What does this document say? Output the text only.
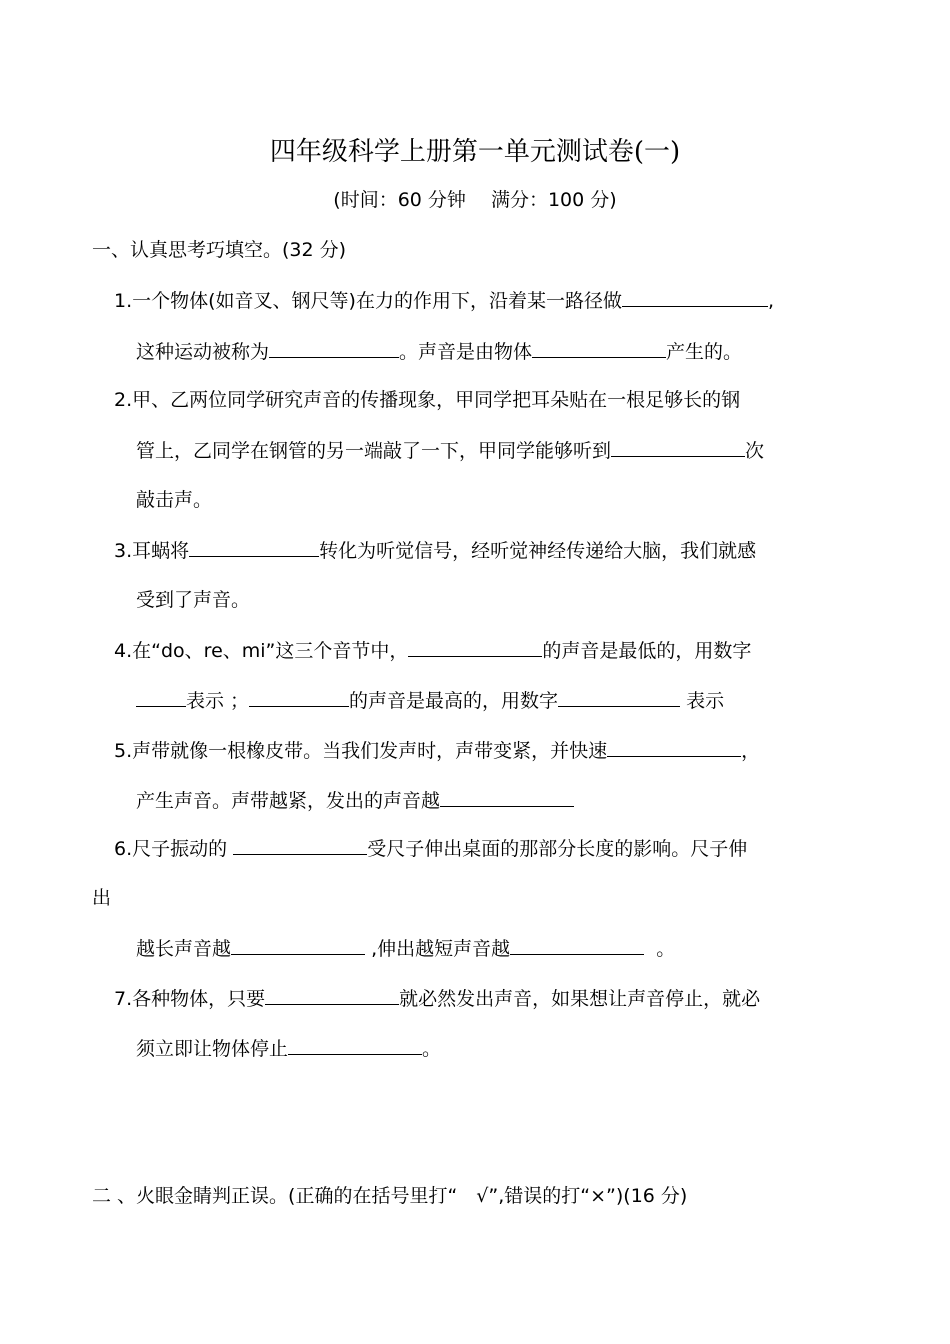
四年级科学上册第一单元测试卷(一)
(时间：60 分钟　 满分：100 分)
一、认真思考巧填空。(32 分)
1.一个物体(如音叉、钢尺等)在力的作用下，沿着某一路径做	,
这种运动被称为	。声音是由物体	产生的。
2.甲、乙两位同学研究声音的传播现象，甲同学把耳朵贴在一根足够长的钢
管上，乙同学在钢管的另一端敲了一下，甲同学能够听到	次
敲击声。
3.耳蜗将	转化为听觉信号，经听觉神经传递给大脑，我们就感
受到了声音。
4.在“do、re、mi”这三个音节中，	的声音是最低的，用数字
表示 ；	的声音是最高的，用数字	表示
5.声带就像一根橡皮带。当我们发声时，声带变紧，并快速	，
产生声音。声带越紧，发出的声音越
6.尺子振动的	受尺子伸出桌面的那部分长度的影响。尺子伸
出
越长声音越	,伸出越短声音越	。
7.各种物体，只要	就必然发出声音，如果想让声音停止，就必
须立即让物体停止	。
二 、火眼金睛判正误。(正确的在括号里打“　√”,错误的打“×”)(16 分)
